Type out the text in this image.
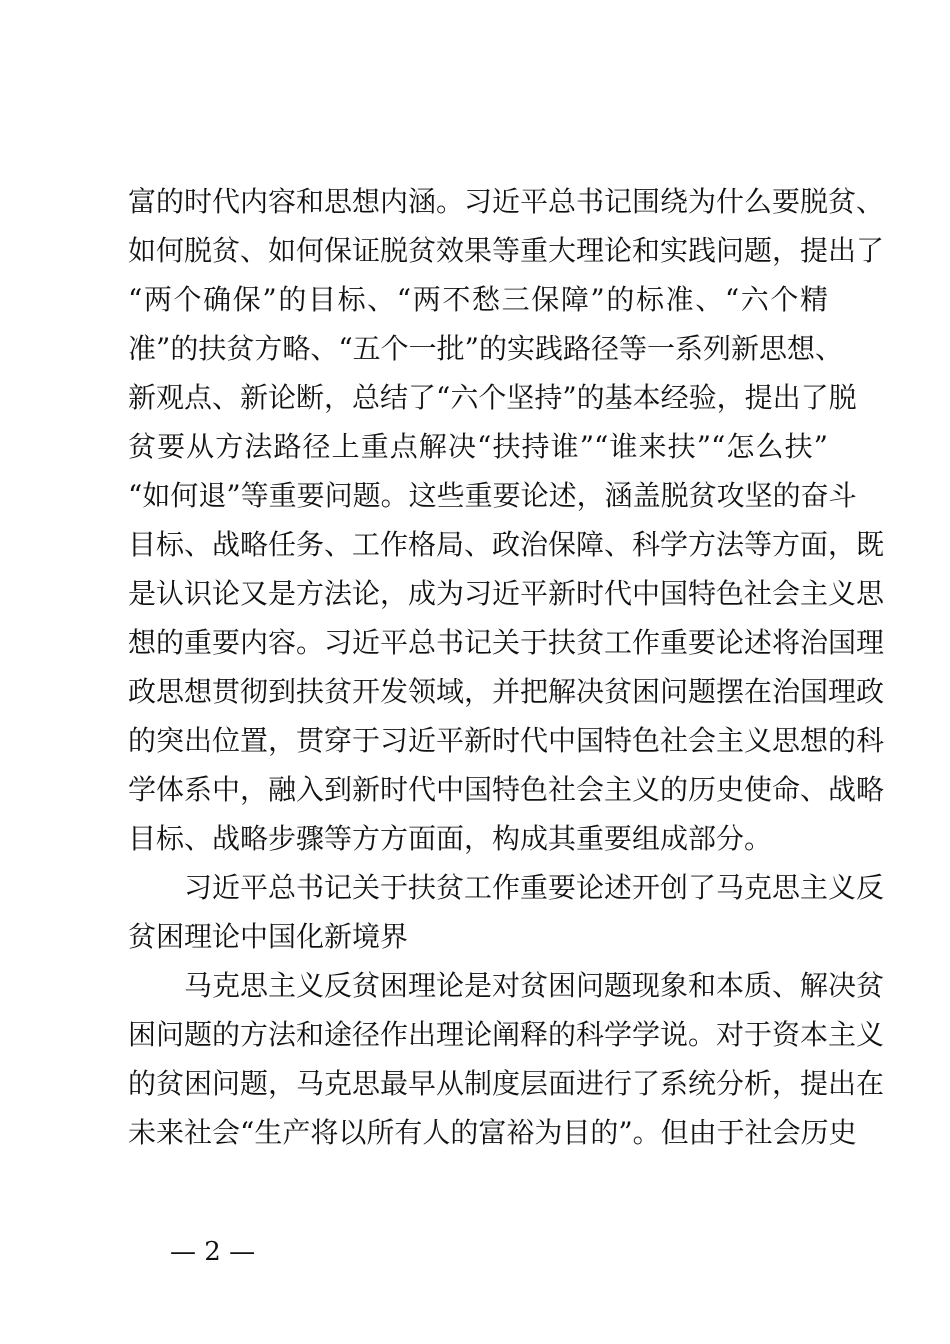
富的时代内容和思想内涵。习近平总书记围绕为什么要脱贫、
如何脱贫、如何保证脱贫效果等重大理论和实践问题，提出了
“两个确保”的目标、“两不愁三保障”的标准、“六个精
准”的扶贫方略、“五个一批”的实践路径等一系列新思想、
新观点、新论断，总结了“六个坚持”的基本经验，提出了脱
贫要从方法路径上重点解决“扶持谁”“谁来扶”“怎么扶”
“如何退”等重要问题。这些重要论述，涵盖脱贫攻坚的奋斗
目标、战略任务、工作格局、政治保障、科学方法等方面，既
是认识论又是方法论，成为习近平新时代中国特色社会主义思
想的重要内容。习近平总书记关于扶贫工作重要论述将治国理
政思想贯彻到扶贫开发领域，并把解决贫困问题摆在治国理政
的突出位置，贯穿于习近平新时代中国特色社会主义思想的科
学体系中，融入到新时代中国特色社会主义的历史使命、战略
目标、战略步骤等方方面面，构成其重要组成部分。
习近平总书记关于扶贫工作重要论述开创了马克思主义反
贫困理论中国化新境界
马克思主义反贫困理论是对贫困问题现象和本质、解决贫
困问题的方法和途径作出理论阐释的科学学说。对于资本主义
的贫困问题，马克思最早从制度层面进行了系统分析，提出在
未来社会“生产将以所有人的富裕为目的”。但由于社会历史
— 2 —
